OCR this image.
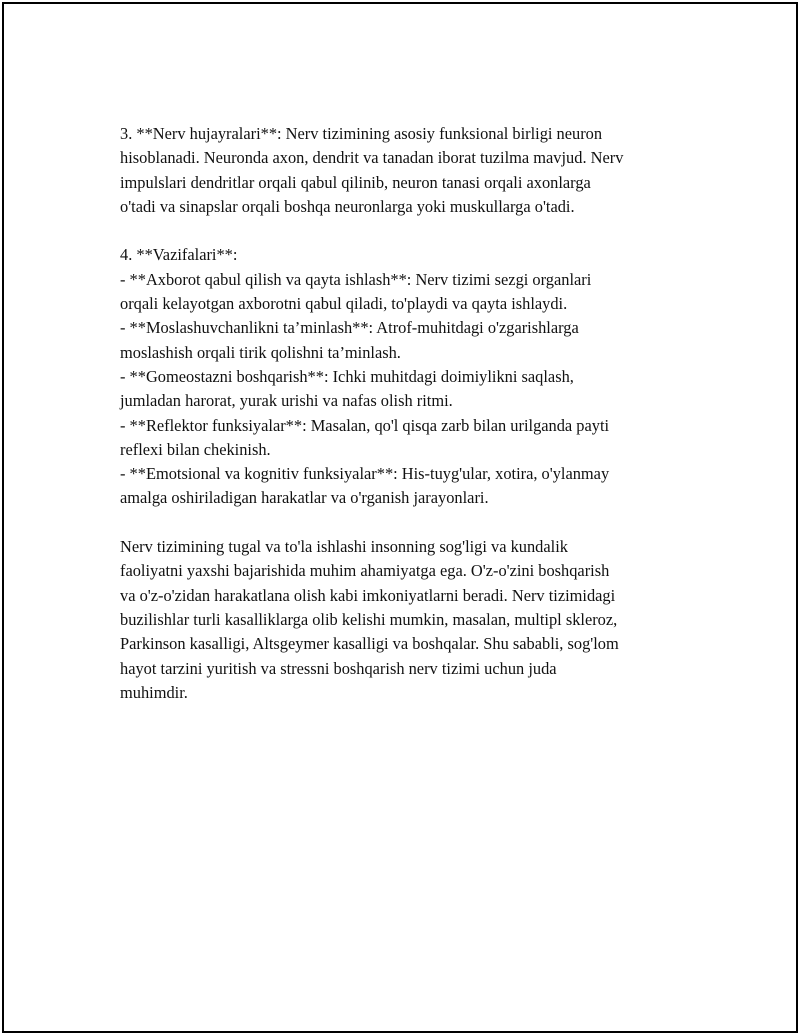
3. **Nerv hujayralari**: Nerv tizimining asosiy funksional birligi neuron
hisoblanadi. Neuronda axon, dendrit va tanadan iborat tuzilma mavjud. Nerv
impulslari dendritlar orqali qabul qilinib, neuron tanasi orqali axonlarga
o'tadi va sinapslar orqali boshqa neuronlarga yoki muskullarga o'tadi.

4. **Vazifalari**:

- **Axborot qabul qilish va qayta ishlash**: Nerv tizimi sezgi organlari
orqali kelayotgan axborotni qabul qiladi, to'playdi va qayta ishlaydi.

- **Moslashuvchanlikni ta’minlash**: Atrof-muhitdagi o'zgarishlarga
moslashish orqali tirik qolishni ta’minlash.

- **Gomeostazni boshqarish**: Ichki muhitdagi doimiylikni saqlash,
jumladan harorat, yurak urishi va nafas olish ritmi.

- **Reflektor funksiyalar**: Masalan, qo'l qisqa zarb bilan urilganda payti
reflexi bilan chekinish.

- **Emotsional va kognitiv funksiyalar**: His-tuyg'ular, xotira, o'ylanmay
amalga oshiriladigan harakatlar va o'rganish jarayonlari.

Nerv tizimining tugal va to'la ishlashi insonning sog'ligi va kundalik
faoliyatni yaxshi bajarishida muhim ahamiyatga ega. O'z-o'zini boshqarish
va o'z-o'zidan harakatlana olish kabi imkoniyatlarni beradi. Nerv tizimidagi
buzilishlar turli kasalliklarga olib kelishi mumkin, masalan, multipl skleroz,
Parkinson kasalligi, Altsgeymer kasalligi va boshqalar. Shu sababli, sog'lom
hayot tarzini yuritish va stressni boshqarish nerv tizimi uchun juda
muhimdir.
